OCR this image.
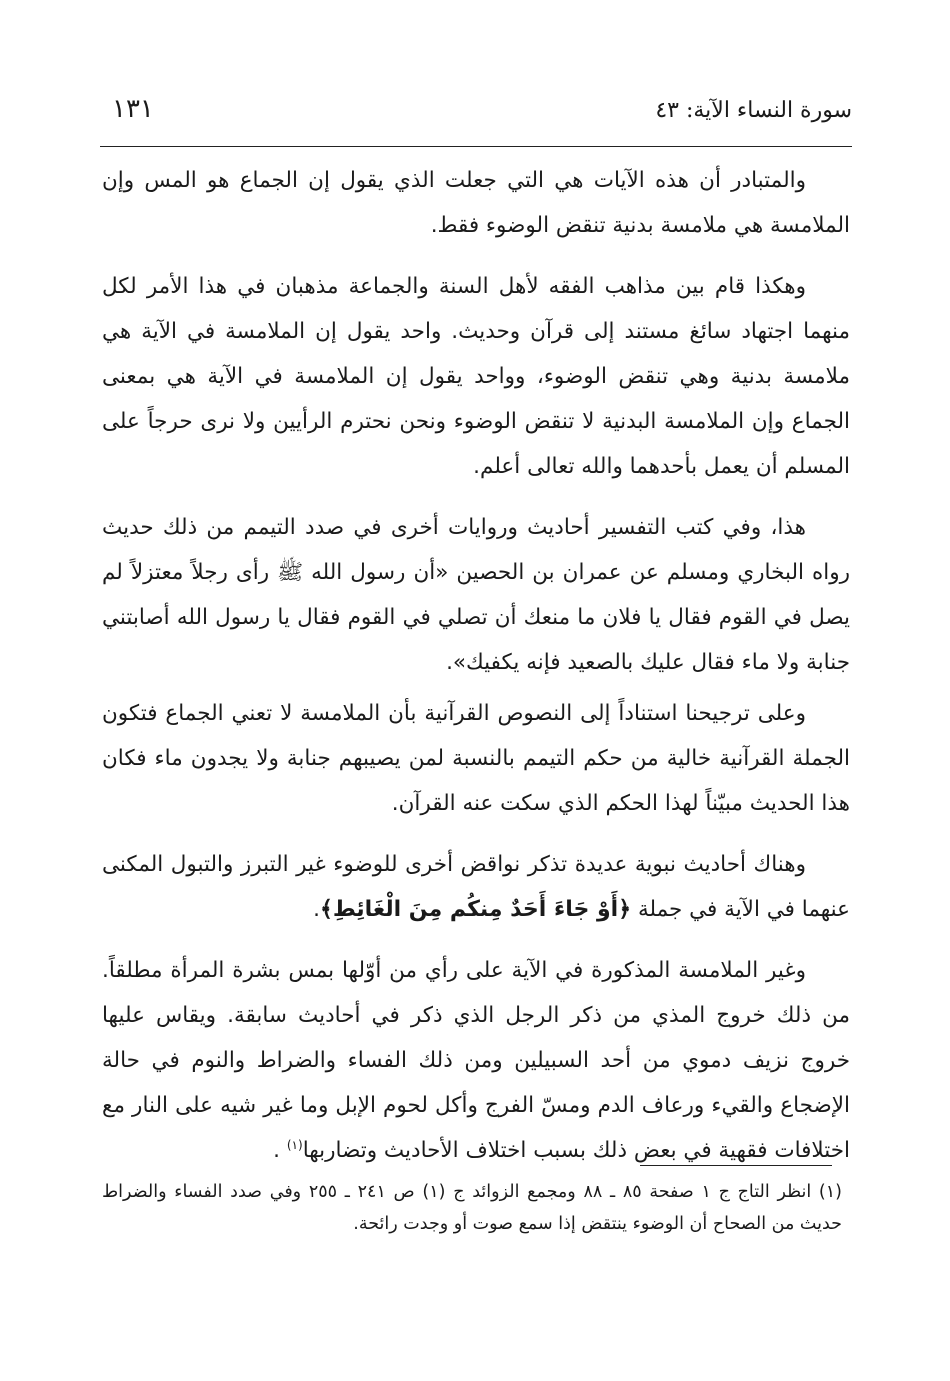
سورة النساء الآية: ٤٣
١٣١

والمتبادر أن هذه الآيات هي التي جعلت الذي يقول إن الجماع هو المس وإن الملامسة هي ملامسة بدنية تنقض الوضوء فقط.

وهكذا قام بين مذاهب الفقه لأهل السنة والجماعة مذهبان في هذا الأمر لكل منهما اجتهاد سائغ مستند إلى قرآن وحديث. واحد يقول إن الملامسة في الآية هي ملامسة بدنية وهي تنقض الوضوء، وواحد يقول إن الملامسة في الآية هي بمعنى الجماع وإن الملامسة البدنية لا تنقض الوضوء ونحن نحترم الرأيين ولا نرى حرجاً على المسلم أن يعمل بأحدهما والله تعالى أعلم.

هذا، وفي كتب التفسير أحاديث وروايات أخرى في صدد التيمم من ذلك حديث رواه البخاري ومسلم عن عمران بن الحصين «أن رسول الله ﷺ رأى رجلاً معتزلاً لم يصل في القوم فقال يا فلان ما منعك أن تصلي في القوم فقال يا رسول الله أصابتني جنابة ولا ماء فقال عليك بالصعيد فإنه يكفيك».

وعلى ترجيحنا استناداً إلى النصوص القرآنية بأن الملامسة لا تعني الجماع فتكون الجملة القرآنية خالية من حكم التيمم بالنسبة لمن يصيبهم جنابة ولا يجدون ماء فكان هذا الحديث مبيّناً لهذا الحكم الذي سكت عنه القرآن.

وهناك أحاديث نبوية عديدة تذكر نواقض أخرى للوضوء غير التبرز والتبول المكنى عنهما في الآية في جملة ﴿أَوْ جَاءَ أَحَدٌ مِنكُم مِنَ الْغَائِطِ﴾.

وغير الملامسة المذكورة في الآية على رأي من أوّلها بمس بشرة المرأة مطلقاً. من ذلك خروج المذي من ذكر الرجل الذي ذكر في أحاديث سابقة. ويقاس عليها خروج نزيف دموي من أحد السبيلين ومن ذلك الفساء والضراط والنوم في حالة الإضجاع والقيء ورعاف الدم ومسّ الفرج وأكل لحوم الإبل وما غير شيه على النار مع اختلافات فقهية في بعض ذلك بسبب اختلاف الأحاديث وتضاربها$^{(١)}$ .

(١) انظر التاج ج ١ صفحة ٨٥ ـ ٨٨ ومجمع الزوائد ج (١) ص ٢٤١ ـ ٢٥٥ وفي صدد الفساء والضراط حديث من الصحاح أن الوضوء ينتقض إذا سمع صوت أو وجدت رائحة.
